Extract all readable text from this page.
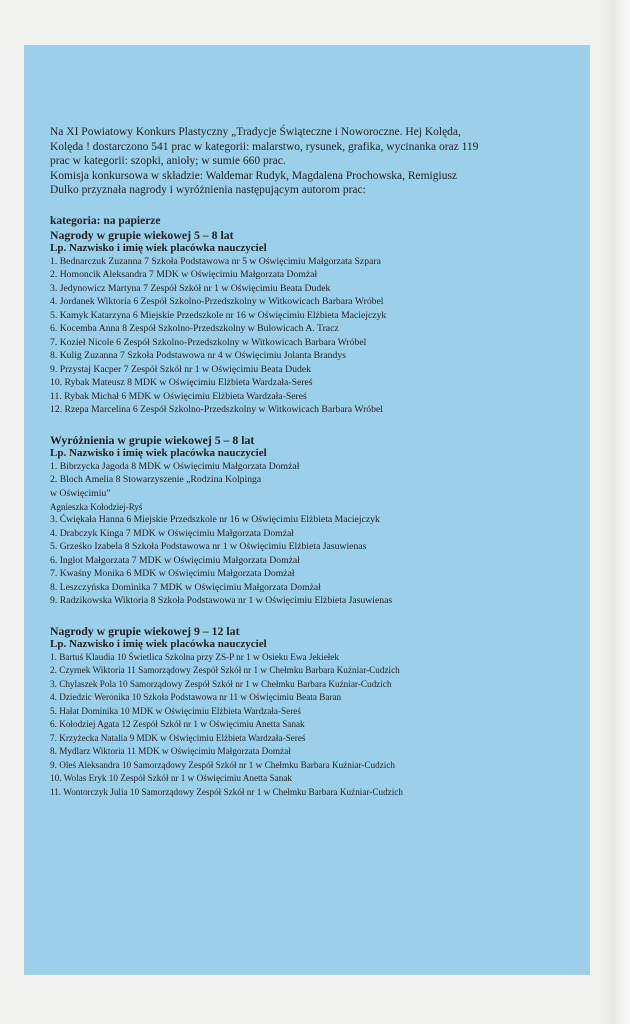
Na XI Powiatowy Konkurs Plastyczny „Tradycje Świąteczne i Noworoczne. Hej Kolęda,
Kolęda ! dostarczono 541 prac w kategorii: malarstwo, rysunek, grafika, wycinanka oraz 119
prac w kategorii: szopki, anioły; w sumie 660 prac.
Komisja konkursowa w składzie: Waldemar Rudyk, Magdalena Prochowska, Remigiusz
Dulko przyznała nagrody i wyróżnienia następującym autorom prac:

kategoria: na papierze

Nagrody w grupie wiekowej 5 – 8 lat

Lp. Nazwisko i imię wiek placówka nauczyciel

1. Bednarczuk Zuzanna 7 Szkoła Podstawowa nr 5 w Oświęcimiu Małgorzata Szpara
2. Homoncik Aleksandra 7 MDK w Oświęcimiu Małgorzata Domżał
3. Jedynowicz Martyna 7 Zespół Szkół nr 1 w Oświęcimiu Beata Dudek
4. Jordanek Wiktoria 6 Zespół Szkolno-Przedszkolny w Witkowicach Barbara Wróbel
5. Kamyk Katarzyna 6 Miejskie Przedszkole nr 16 w Oświęcimiu Elżbieta Maciejczyk
6. Kocemba Anna 8 Zespół Szkolno-Przedszkolny w Bulowicach A. Tracz
7. Kozieł Nicole 6 Zespół Szkolno-Przedszkolny w Witkowicach Barbara Wróbel
8. Kulig Zuzanna 7 Szkoła Podstawowa nr 4 w Oświęcimiu Jolanta Brandys
9. Przystaj Kacper 7 Zespół Szkół nr 1 w Oświęcimiu Beata Dudek
10. Rybak Mateusz 8 MDK w Oświęcimiu Elżbieta Wardzała-Sereś
11. Rybak Michał 6 MDK w Oświęcimiu Elżbieta Wardzała-Sereś
12. Rzepa Marcelina 6 Zespół Szkolno-Przedszkolny w Witkowicach Barbara Wróbel

Wyróżnienia w grupie wiekowej 5 – 8 lat

Lp. Nazwisko i imię wiek placówka nauczyciel

1. Bibrzycka Jagoda 8 MDK w Oświęcimiu Małgorzata Domżał
2. Bloch Amelia 8 Stowarzyszenie „Rodzina Kolpinga
w Oświęcimiu”
Agnieszka Kołodziej-Ryś
3. Ćwiękała Hanna 6 Miejskie Przedszkole nr 16 w Oświęcimiu Elżbieta Maciejczyk
4. Drabczyk Kinga 7 MDK w Oświęcimiu Małgorzata Domżał
5. Grześko Izabela 8 Szkoła Podstawowa nr 1 w Oświęcimiu Elżbieta Jasuwienas
6. Inglot Małgorzata 7 MDK w Oświęcimiu Małgorzata Domżał
7. Kwaśny Monika 6 MDK w Oświęcimiu Małgorzata Domżał
8. Leszczyńska Dominika 7 MDK w Oświęcimiu Małgorzata Domżał
9. Radzikowska Wiktoria 8 Szkoła Podstawowa nr 1 w Oświęcimiu Elżbieta Jasuwienas

Nagrody w grupie wiekowej 9 – 12 lat

Lp. Nazwisko i imię wiek placówka nauczyciel

1. Bartuś Klaudia 10 Świetlica Szkolna przy ZS-P nr 1 w Osieku Ewa Jekiełek
2. Czyrnek Wiktoria 11 Samorządowy Zespół Szkół nr 1 w Chełmku Barbara Kuźniar-Cudzich
3. Chylaszek Pola 10 Samorządowy Zespół Szkół nr 1 w Chełmku Barbara Kuźniar-Cudzich
4. Dziedzic Weronika 10 Szkoła Podstawowa nr 11 w Oświęcimiu Beata Baran
5. Hałat Dominika 10 MDK w Oświęcimiu Elżbieta Wardzała-Sereś
6. Kołodziej Agata 12 Zespół Szkół nr 1 w Oświęcimiu Anetta Sanak
7. Krzyżecka Natalia 9 MDK w Oświęcimiu Elżbieta Wardzała-Sereś
8. Mydlarz Wiktoria 11 MDK w Oświęcimiu Małgorzata Domżał
9. Oleś Aleksandra 10 Samorządowy Zespół Szkół nr 1 w Chełmku Barbara Kuźniar-Cudzich
10. Wolas Eryk 10 Zespół Szkół nr 1 w Oświęcimiu Anetta Sanak
11. Wontorczyk Julia 10 Samorządowy Zespół Szkół nr 1 w Chełmku Barbara Kuźniar-Cudzich
